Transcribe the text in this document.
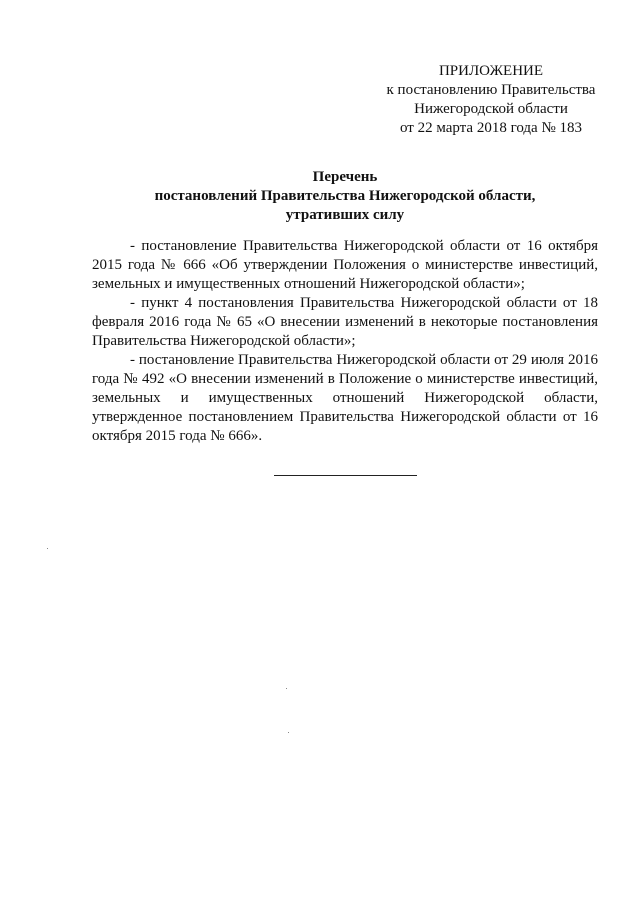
ПРИЛОЖЕНИЕ
к постановлению Правительства
Нижегородской области
от 22 марта 2018 года № 183
Перечень
постановлений Правительства Нижегородской области,
утративших силу

- постановление Правительства Нижегородской области от 16 октября 2015 года № 666 «Об утверждении Положения о министерстве инвестиций, земельных и имущественных отношений Нижегородской области»;

- пункт 4 постановления Правительства Нижегородской области от 18 февраля 2016 года № 65 «О внесении изменений в некоторые постановления Правительства Нижегородской области»;

- постановление Правительства Нижегородской области от 29 июля 2016 года № 492 «О внесении изменений в Положение о министерстве инвестиций, земельных и имущественных отношений Нижегородской области, утвержденное постановлением Правительства Нижегородской области от 16 октября 2015 года № 666».
